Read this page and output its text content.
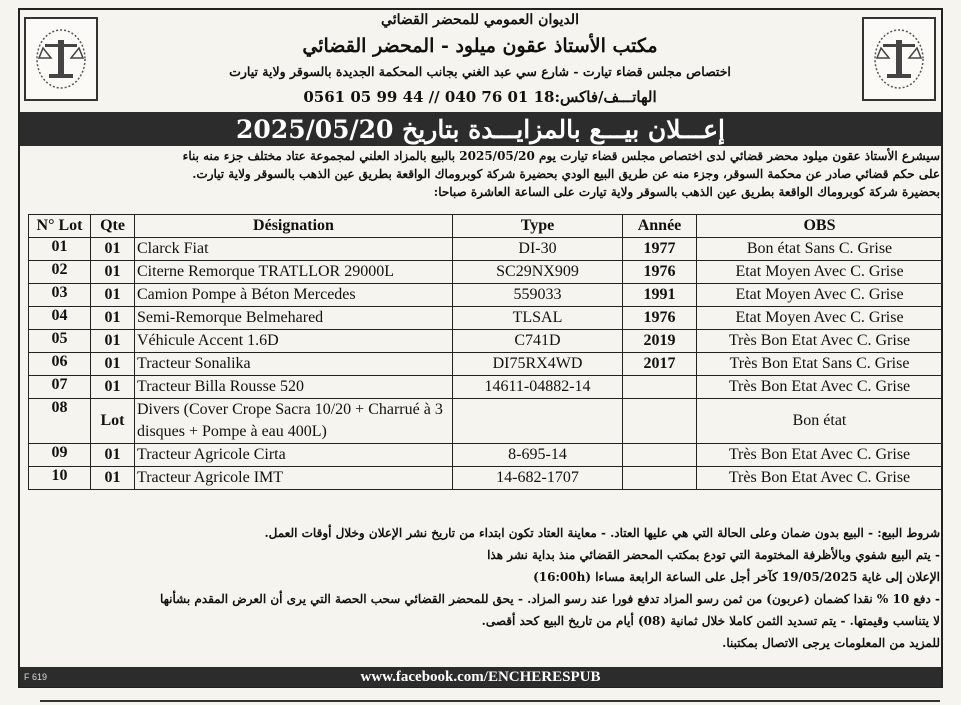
الديوان العمومي للمحضر القضائي
مكتب الأستاذ عقون ميلود - المحضر القضائي
اختصاص مجلس قضاء تيارت - شارع سي عبد الغني بجانب المحكمة الجديدة بالسوقر ولاية تيارت
الهاتـــف/فاكس:18 01 76 040 // 44 99 05 0561
إعـــلان بيـــع بالمزايـــدة بتاريخ 2025/05/20
سيشرع الأستاذ عقون ميلود محضر قضائي لدى اختصاص مجلس قضاء تيارت يوم 2025/05/20 بالبيع بالمزاد العلني لمجموعة عتاد مختلف جزء منه بناء
على حكم قضائي صادر عن محكمة السوقر، وجزء منه عن طريق البيع الودي بحضيرة شركة كوبروماك الواقعة بطريق عين الذهب بالسوقر ولاية تيارت.
بحضيرة شركة كوبروماك الواقعة بطريق عين الذهب بالسوقر ولاية تيارت على الساعة العاشرة صباحا:
N° Lot	Qte	Désignation	Type	Année	OBS
01	01	Clarck Fiat	DI-30	1977	Bon état Sans C. Grise
02	01	Citerne Remorque TRATLLOR 29000L	SC29NX909	1976	Etat Moyen Avec C. Grise
03	01	Camion Pompe à Béton Mercedes	559033	1991	Etat Moyen Avec C. Grise
04	01	Semi-Remorque Belmehared	TLSAL	1976	Etat Moyen Avec C. Grise
05	01	Véhicule Accent 1.6D	C741D	2019	Très Bon Etat Avec C. Grise
06	01	Tracteur Sonalika	DI75RX4WD	2017	Très Bon Etat Sans C. Grise
07	01	Tracteur Billa Rousse 520	14611-04882-14		Très Bon Etat Avec C. Grise
08	Lot	Divers (Cover Crope Sacra 10/20 + Charrué à 3 disques + Pompe à eau 400L)			Bon état
09	01	Tracteur Agricole Cirta	8-695-14		Très Bon Etat Avec C. Grise
10	01	Tracteur Agricole IMT	14-682-1707		Très Bon Etat Avec C. Grise
شروط البيع: - البيع بدون ضمان وعلى الحالة التي هي عليها العتاد. - معاينة العتاد تكون ابتداء من تاريخ نشر الإعلان وخلال أوقات العمل.
- يتم البيع شفوي وبالأظرفة المختومة التي تودع بمكتب المحضر القضائي منذ بداية نشر هذا
الإعلان إلى غاية 19/05/2025 كآخر أجل على الساعة الرابعة مساءا (16:00h)
- دفع 10 % نقدا كضمان (عربون) من ثمن رسو المزاد تدفع فورا عند رسو المزاد. - يحق للمحضر القضائي سحب الحصة التي يرى أن العرض المقدم بشأنها
لا يتناسب وقيمتها. - يتم تسديد الثمن كاملا خلال ثمانية (08) أيام من تاريخ البيع كحد أقصى.
للمزيد من المعلومات يرجى الاتصال بمكتبنا.
www.facebook.com/ENCHERESPUB
F 619
